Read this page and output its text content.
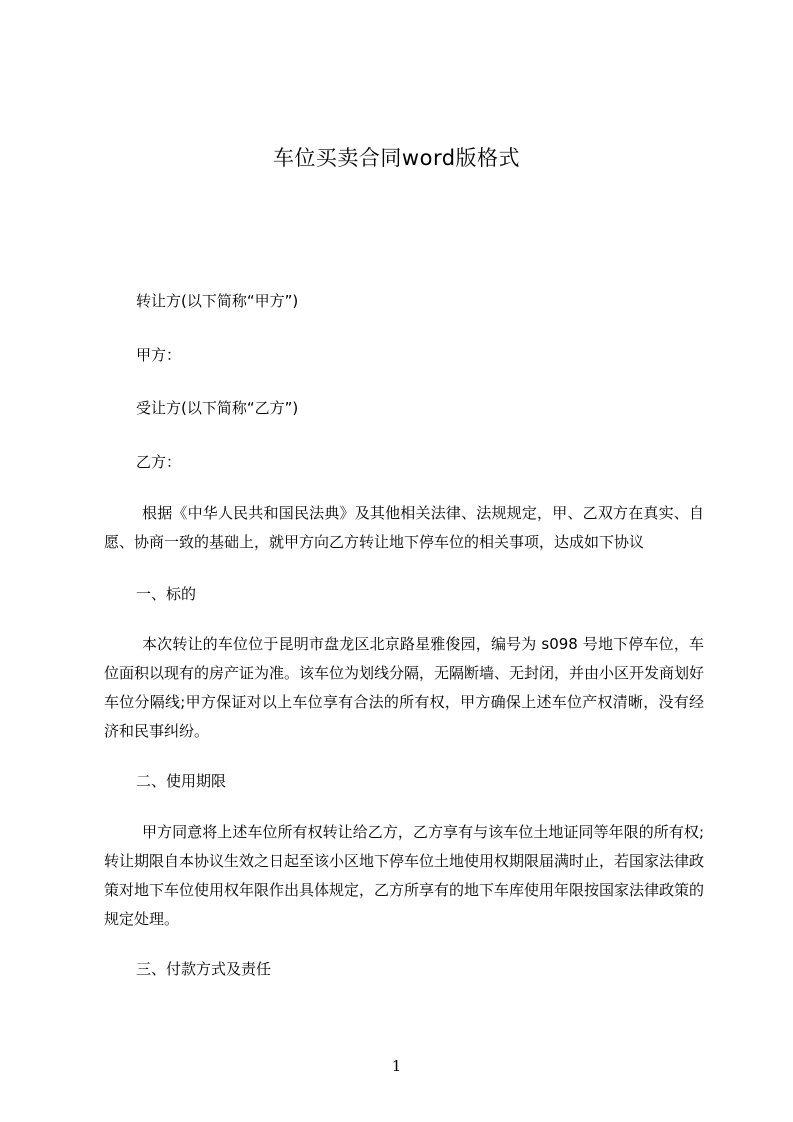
车位买卖合同word版格式
转让方(以下简称“甲方”)
甲方：
受让方(以下简称“乙方”)
乙方：

根据《中华人民共和国民法典》及其他相关法律、法规规定，甲、乙双方在真实、自愿、协商一致的基础上，就甲方向乙方转让地下停车位的相关事项，达成如下协议

一、标的

本次转让的车位位于昆明市盘龙区北京路星雅俊园，编号为 s098 号地下停车位，车位面积以现有的房产证为准。该车位为划线分隔，无隔断墙、无封闭，并由小区开发商划好车位分隔线;甲方保证对以上车位享有合法的所有权，甲方确保上述车位产权清晰，没有经济和民事纠纷。

二、使用期限

甲方同意将上述车位所有权转让给乙方，乙方享有与该车位土地证同等年限的所有权;转让期限自本协议生效之日起至该小区地下停车位土地使用权期限届满时止，若国家法律政策对地下车位使用权年限作出具体规定，乙方所享有的地下车库使用年限按国家法律政策的规定处理。

三、付款方式及责任
1
